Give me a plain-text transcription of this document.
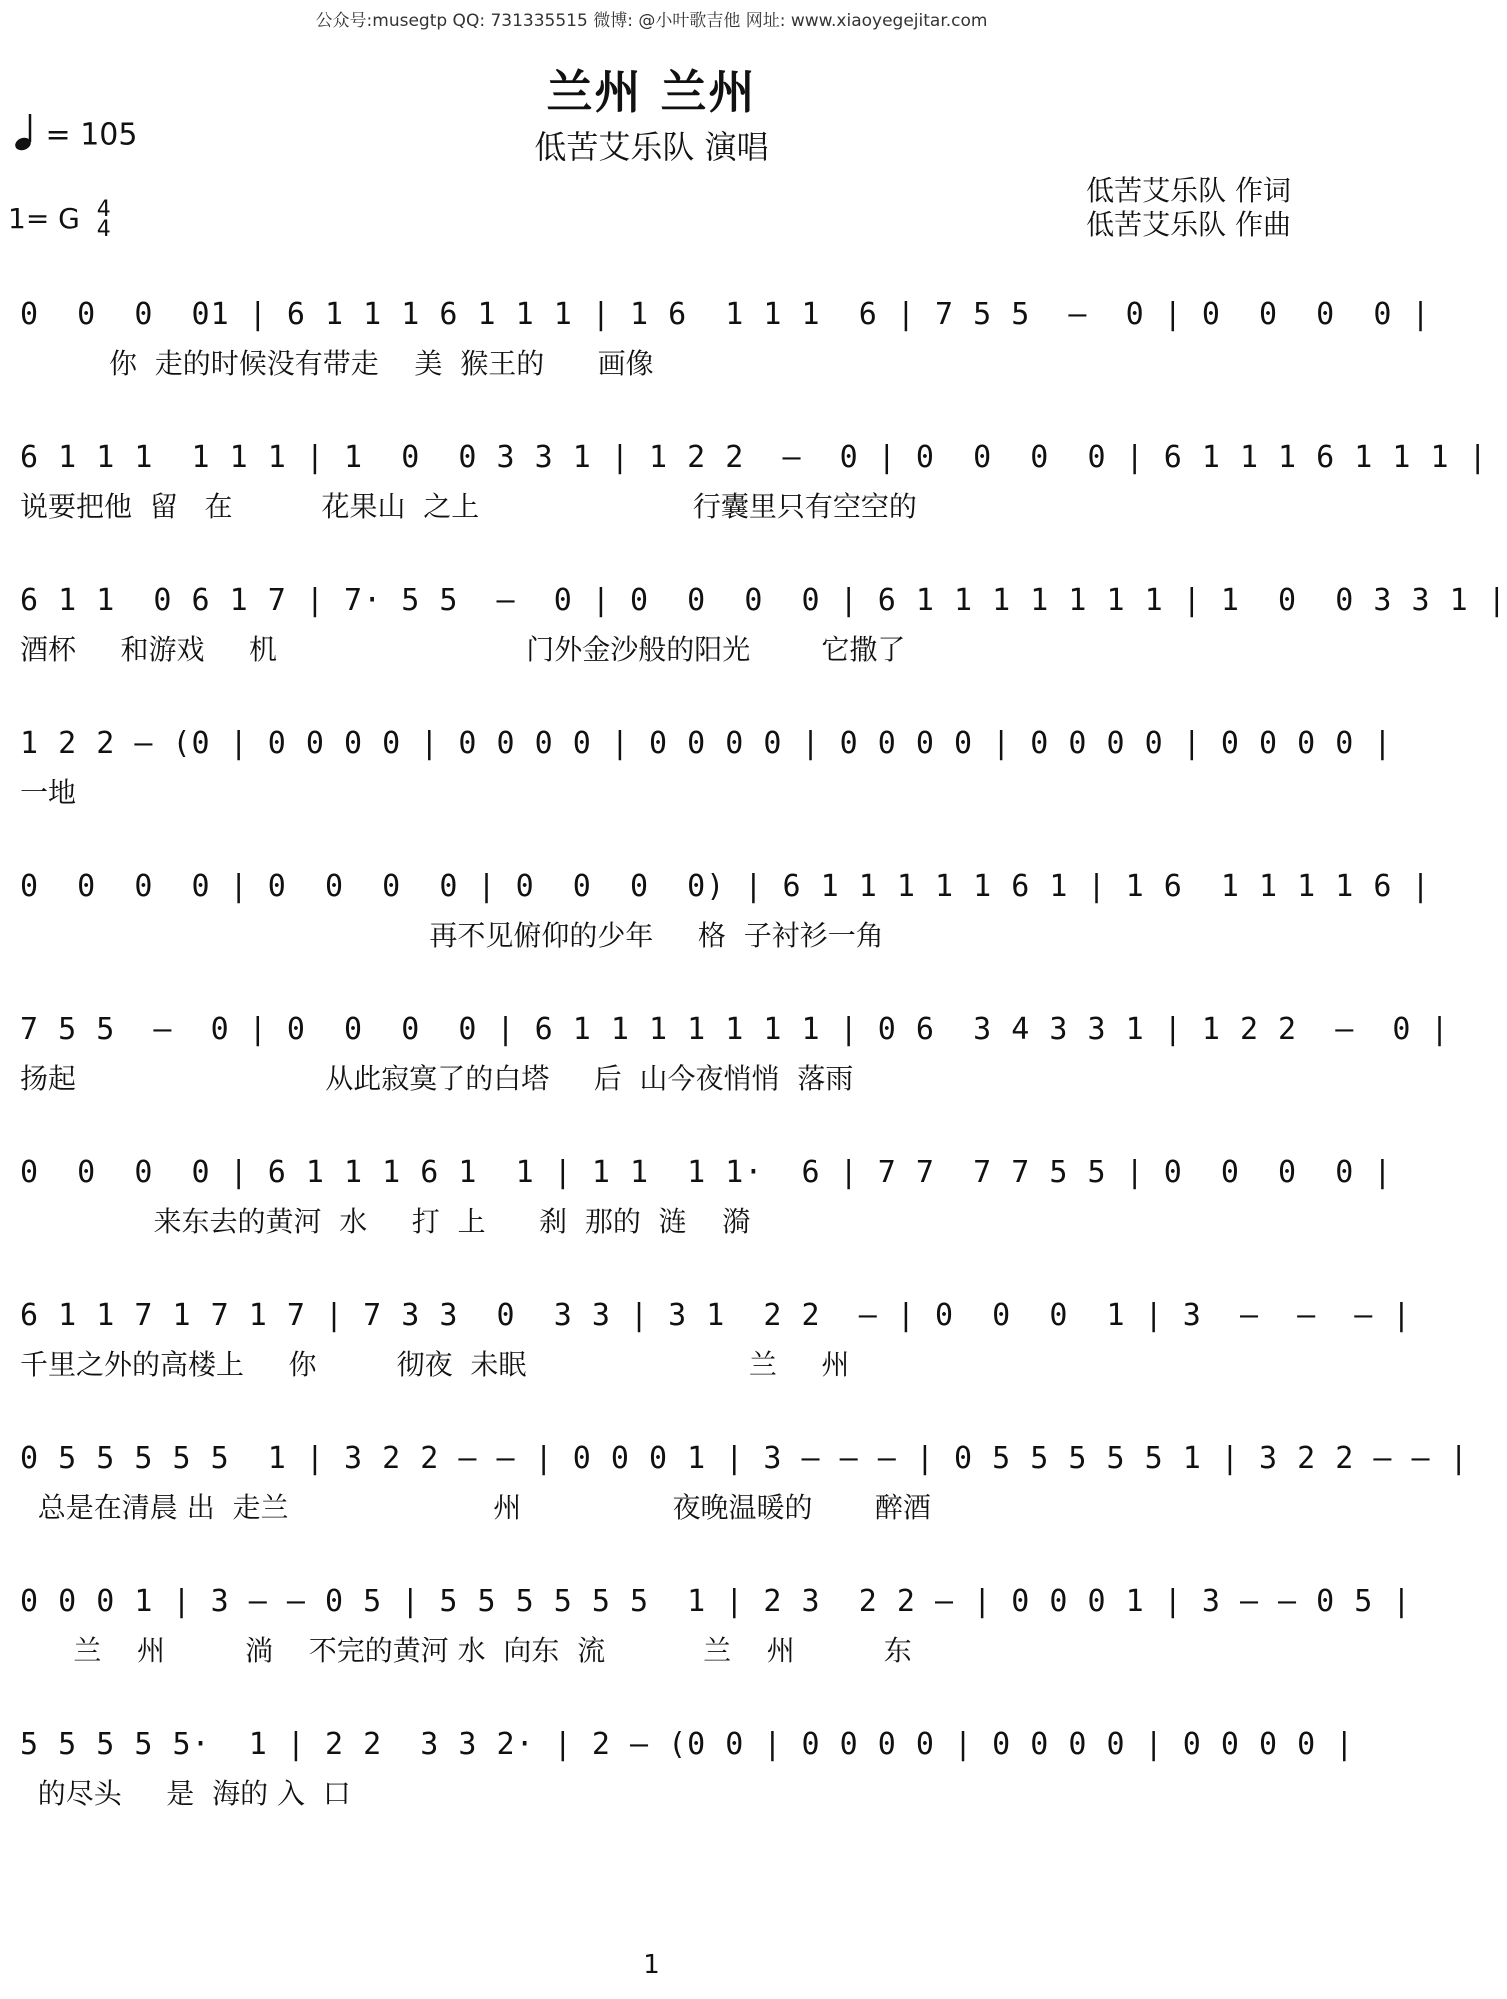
公众号:musegtp QQ: 731335515 微博: @小叶歌吉他 网址: www.xiaoyegejitar.com
兰州 兰州
低苦艾乐队 演唱
= 105
1= G 4
4
低苦艾乐队 作词
低苦艾乐队 作曲
0  0  0  01 | 6 1 1 1 6 1 1 1 | 1 6  1 1 1  6 | 7 5 5  –  0 | 0  0  0  0 |
你  走的时候没有带走    美  猴王的      画像
6 1 1 1  1 1 1 | 1  0  0 3 3 1 | 1 2 2  –  0 | 0  0  0  0 | 6 1 1 1 6 1 1 1 |
说要把他  留   在          花果山  之上                        行囊里只有空空的
6 1 1  0 6 1 7 | 7· 5 5  –  0 | 0  0  0  0 | 6 1 1 1 1 1 1 1 | 1  0  0 3 3 1 |
酒杯     和游戏     机                            门外金沙般的阳光        它撒了
1 2 2 – (0 | 0 0 0 0 | 0 0 0 0 | 0 0 0 0 | 0 0 0 0 | 0 0 0 0 | 0 0 0 0 |
一地
0  0  0  0 | 0  0  0  0 | 0  0  0  0) | 6 1 1 1 1 1 6 1 | 1 6  1 1 1 1 6 |
再不见俯仰的少年     格  子衬衫一角
7 5 5  –  0 | 0  0  0  0 | 6 1 1 1 1 1 1 1 | 0 6  3 4 3 3 1 | 1 2 2  –  0 |
扬起                            从此寂寞了的白塔     后  山今夜悄悄  落雨
0  0  0  0 | 6 1 1 1 6 1  1 | 1 1  1 1·  6 | 7 7  7 7 5 5 | 0  0  0  0 |
来东去的黄河  水     打  上      刹  那的  涟    漪
6 1 1 7 1 7 1 7 | 7 3 3  0  3 3 | 3 1  2 2  – | 0  0  0  1 | 3  –  –  – |
千里之外的高楼上     你         彻夜  未眠                         兰     州
0 5 5 5 5 5  1 | 3 2 2 – – | 0 0 0 1 | 3 – – – | 0 5 5 5 5 5 1 | 3 2 2 – – |
总是在清晨 出  走兰                       州                 夜晚温暖的       醉酒
0 0 0 1 | 3 – – 0 5 | 5 5 5 5 5 5  1 | 2 3  2 2 – | 0 0 0 1 | 3 – – 0 5 |
兰    州         淌    不完的黄河 水  向东  流           兰    州          东
5 5 5 5 5·  1 | 2 2  3 3 2· | 2 – (0 0 | 0 0 0 0 | 0 0 0 0 | 0 0 0 0 |
的尽头     是  海的 入  口
1
